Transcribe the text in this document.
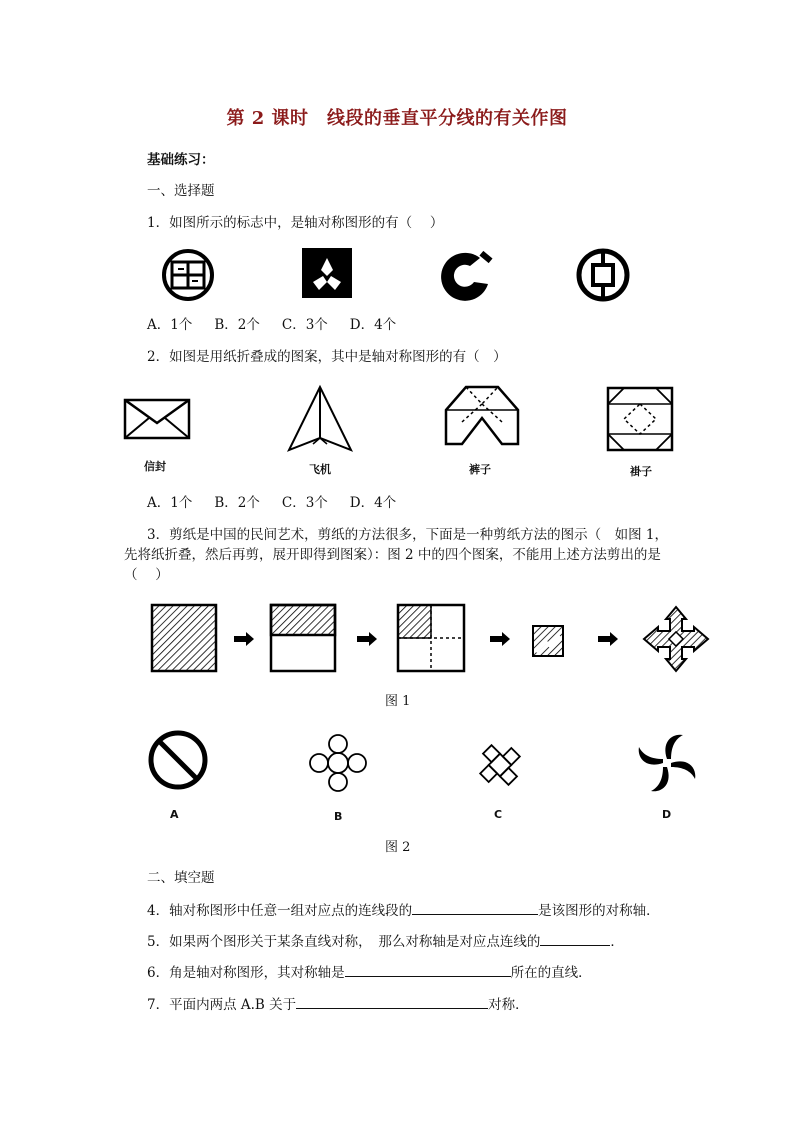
第 2 课时　线段的垂直平分线的有关作图
基础练习：
一、选择题
1．如图所示的标志中，是轴对称图形的有（　 ）
A．1个 B．2个 C．3个 D．4个
2．如图是用纸折叠成的图案，其中是轴对称图形的有（　）
信封	飞机	裤子	褂子
A．1个 B．2个 C．3个 D．4个
3．剪纸是中国的民间艺术，剪纸的方法很多，下面是一种剪纸方法的图示（　如图 1，
先将纸折叠，然后再剪，展开即得到图案）：图 2 中的四个图案，不能用上述方法剪出的是
（　 ）
图 1
A	B	C	D
图 2
二、填空题
4．轴对称图形中任意一组对应点的连线段的	是该图形的对称轴．
5．如果两个图形关于某条直线对称，　那么对称轴是对应点连线的	．
6．角是轴对称图形，其对称轴是	所在的直线．
7．平面内两点 A.B 关于	对称．
